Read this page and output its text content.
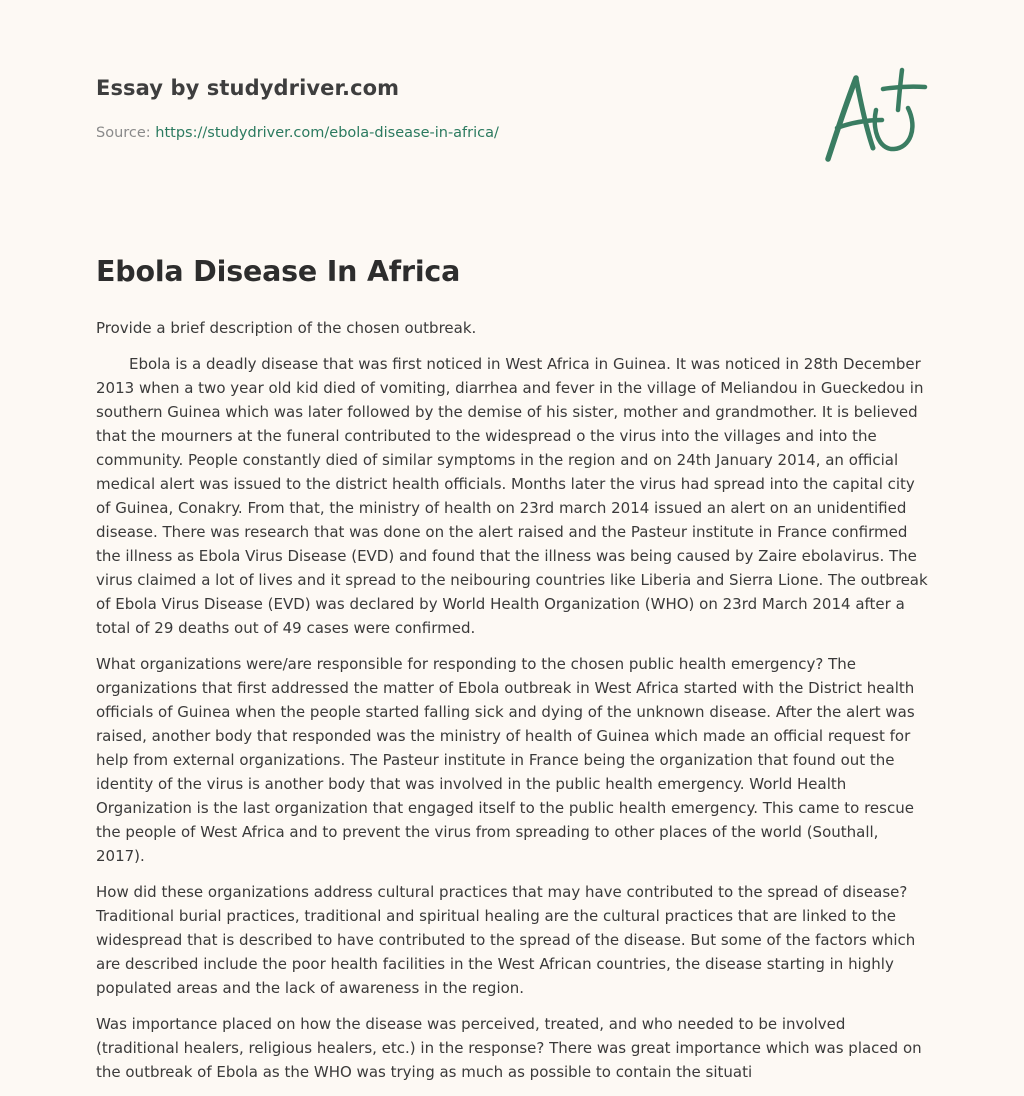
Essay by studydriver.com
Source: https://studydriver.com/ebola-disease-in-africa/
Ebola Disease In Africa

Provide a brief description of the chosen outbreak.

Ebola is a deadly disease that was first noticed in West Africa in Guinea. It was noticed in 28th December 2013 when a two year old kid died of vomiting, diarrhea and fever in the village of Meliandou in Gueckedou in southern Guinea which was later followed by the demise of his sister, mother and grandmother. It is believed that the mourners at the funeral contributed to the widespread o the virus into the villages and into the community. People constantly died of similar symptoms in the region and on 24th January 2014, an official medical alert was issued to the district health officials. Months later the virus had spread into the capital city of Guinea, Conakry. From that, the ministry of health on 23rd march 2014 issued an alert on an unidentified disease. There was research that was done on the alert raised and the Pasteur institute in France confirmed the illness as Ebola Virus Disease (EVD) and found that the illness was being caused by Zaire ebolavirus. The virus claimed a lot of lives and it spread to the neibouring countries like Liberia and Sierra Lione. The outbreak of Ebola Virus Disease (EVD) was declared by World Health Organization (WHO) on 23rd March 2014 after a total of 29 deaths out of 49 cases were confirmed.

What organizations were/are responsible for responding to the chosen public health emergency? The organizations that first addressed the matter of Ebola outbreak in West Africa started with the District health officials of Guinea when the people started falling sick and dying of the unknown disease. After the alert was raised, another body that responded was the ministry of health of Guinea which made an official request for help from external organizations. The Pasteur institute in France being the organization that found out the identity of the virus is another body that was involved in the public health emergency. World Health Organization is the last organization that engaged itself to the public health emergency. This came to rescue the people of West Africa and to prevent the virus from spreading to other places of the world (Southall, 2017).

How did these organizations address cultural practices that may have contributed to the spread of disease? Traditional burial practices, traditional and spiritual healing are the cultural practices that are linked to the widespread that is described to have contributed to the spread of the disease. But some of the factors which are described include the poor health facilities in the West African countries, the disease starting in highly populated areas and the lack of awareness in the region.

Was importance placed on how the disease was perceived, treated, and who needed to be involved (traditional healers, religious healers, etc.) in the response? There was great importance which was placed on the outbreak of Ebola as the WHO was trying as much as possible to contain the situati
